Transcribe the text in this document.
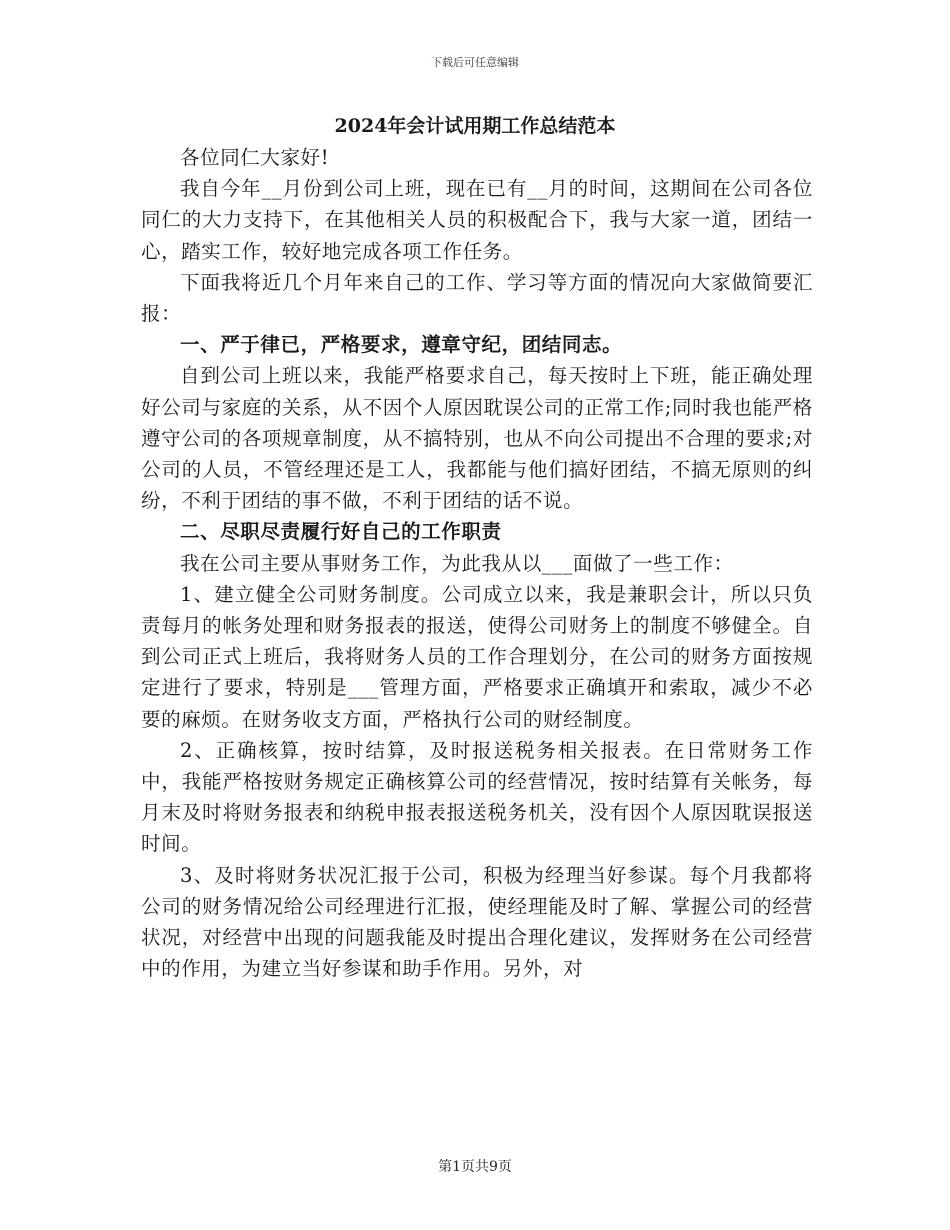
下载后可任意编辑
2024年会计试用期工作总结范本

各位同仁大家好!

我自今年__月份到公司上班，现在已有__月的时间，这期间在公司各位同仁的大力支持下，在其他相关人员的积极配合下，我与大家一道，团结一心，踏实工作，较好地完成各项工作任务。

下面我将近几个月年来自己的工作、学习等方面的情况向大家做简要汇报：

一、严于律已，严格要求，遵章守纪，团结同志。

自到公司上班以来，我能严格要求自己，每天按时上下班，能正确处理好公司与家庭的关系，从不因个人原因耽误公司的正常工作;同时我也能严格遵守公司的各项规章制度，从不搞特别，也从不向公司提出不合理的要求;对公司的人员，不管经理还是工人，我都能与他们搞好团结，不搞无原则的纠纷，不利于团结的事不做，不利于团结的话不说。

二、尽职尽责履行好自己的工作职责

我在公司主要从事财务工作，为此我从以___面做了一些工作：

1、建立健全公司财务制度。公司成立以来，我是兼职会计，所以只负责每月的帐务处理和财务报表的报送，使得公司财务上的制度不够健全。自到公司正式上班后，我将财务人员的工作合理划分，在公司的财务方面按规定进行了要求，特别是___管理方面，严格要求正确填开和索取，减少不必要的麻烦。在财务收支方面，严格执行公司的财经制度。

2、正确核算，按时结算，及时报送税务相关报表。在日常财务工作中，我能严格按财务规定正确核算公司的经营情况，按时结算有关帐务，每月末及时将财务报表和纳税申报表报送税务机关，没有因个人原因耽误报送时间。

3、及时将财务状况汇报于公司，积极为经理当好参谋。每个月我都将公司的财务情况给公司经理进行汇报，使经理能及时了解、掌握公司的经营状况，对经营中出现的问题我能及时提出合理化建议，发挥财务在公司经营中的作用，为建立当好参谋和助手作用。另外，对

第1页共9页
